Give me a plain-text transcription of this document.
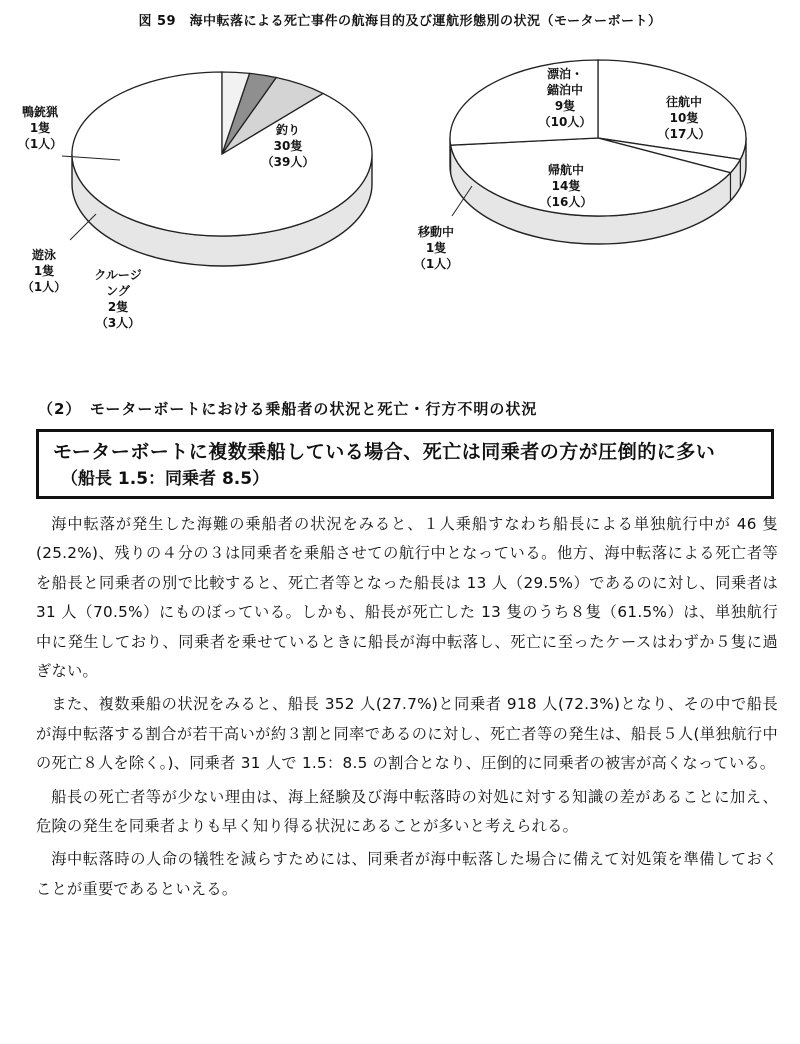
図 59　海中転落による死亡事件の航海目的及び運航形態別の状況（モーターボート）
釣り 30隻（39人）
クルージング 2隻（3人）
遊泳 1隻（1人）
鴨銃猟 1隻（1人）
往航中 10隻（17人）
移動中 1隻（1人）
帰航中 14隻（16人）
漂泊・錨泊中 9隻（10人）
（2）　モーターボートにおける乗船者の状況と死亡・行方不明の状況
モーターボートに複数乗船している場合、死亡は同乗者の方が圧倒的に多い
（船長 1.5：同乗者 8.5）

海中転落が発生した海難の乗船者の状況をみると、１人乗船すなわち船長による単独航行中が 46 隻(25.2%)、残りの４分の３は同乗者を乗船させての航行中となっている。他方、海中転落による死亡者等を船長と同乗者の別で比較すると、死亡者等となった船長は 13 人（29.5%）であるのに対し、同乗者は 31 人（70.5%）にものぼっている。しかも、船長が死亡した 13 隻のうち８隻（61.5%）は、単独航行中に発生しており、同乗者を乗せているときに船長が海中転落し、死亡に至ったケースはわずか５隻に過ぎない。

また、複数乗船の状況をみると、船長 352 人(27.7%)と同乗者 918 人(72.3%)となり、その中で船長が海中転落する割合が若干高いが約３割と同率であるのに対し、死亡者等の発生は、船長５人(単独航行中の死亡８人を除く。)、同乗者 31 人で 1.5：8.5 の割合となり、圧倒的に同乗者の被害が高くなっている。

船長の死亡者等が少ない理由は、海上経験及び海中転落時の対処に対する知識の差があることに加え、危険の発生を同乗者よりも早く知り得る状況にあることが多いと考えられる。

海中転落時の人命の犠牲を減らすためには、同乗者が海中転落した場合に備えて対処策を準備しておくことが重要であるといえる。
